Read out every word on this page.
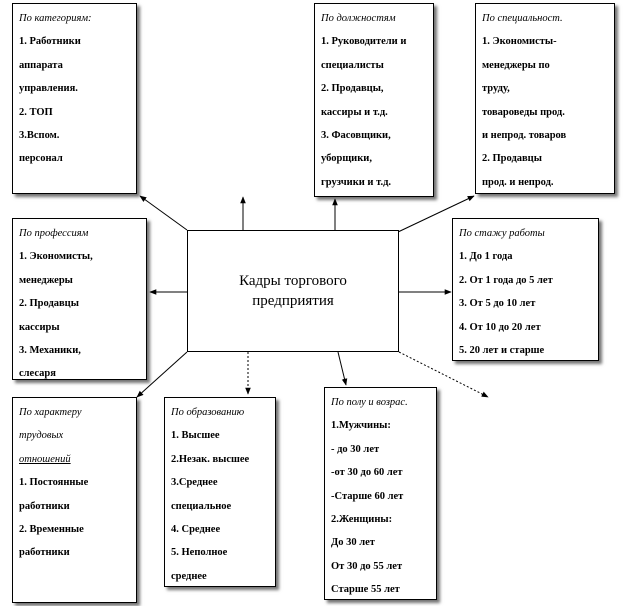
Кадры торгового
предприятия
По категориям:
1. Работники
аппарата
управления.
2. ТОП
3.Вспом.
персонал
По должностям
1. Руководители и
специалисты
2. Продавцы,
кассиры и т.д.
3. Фасовщики,
уборщики,
грузчики и т.д.
По специальност.
1. Экономисты-
менеджеры по
труду,
товароведы прод.
и непрод. товаров
2. Продавцы
прод. и непрод.
По профессиям
1. Экономисты,
менеджеры
2. Продавцы
кассиры
3. Механики,
слесаря
По стажу работы
1. До 1 года
2. От 1 года до 5 лет
3. От 5 до 10 лет
4. От 10 до 20 лет
5. 20 лет и старше
По характеру
трудовых
отношений
1. Постоянные
работники
2. Временные
работники
По образованию
1. Высшее
2.Незак. высшее
3.Среднее
специальное
4. Среднее
5. Неполное
среднее
По полу и возрас.
1.Мужчины:
- до 30 лет
-от 30 до 60 лет
-Старше 60 лет
2.Женщины:
До 30 лет
От 30 до 55 лет
Старше 55 лет
